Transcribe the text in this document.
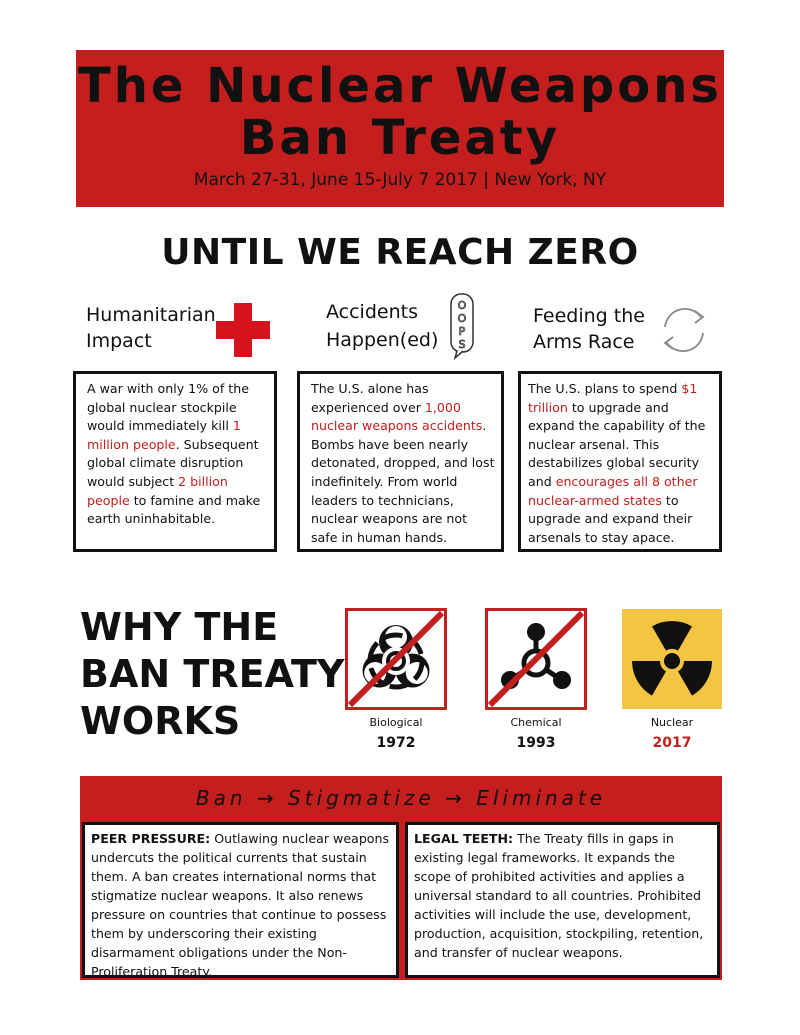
The Nuclear Weapons
Ban Treaty
March 27-31, June 15-July 7 2017 | New York, NY
UNTIL WE REACH ZERO
Humanitarian
Impact
Accidents
Happen(ed)
O
O
P
S
Feeding the
Arms Race
A war with only 1% of the global nuclear stockpile would immediately kill 1 million people. Subsequent global climate disruption would subject 2 billion people to famine and make earth uninhabitable.
The U.S. alone has experienced over 1,000 nuclear weapons accidents. Bombs have been nearly detonated, dropped, and lost indefinitely. From world leaders to technicians, nuclear weapons are not safe in human hands.
The U.S. plans to spend $1 trillion to upgrade and expand the capability of the nuclear arsenal. This destabilizes global security and encourages all 8 other nuclear-armed states to upgrade and expand their arsenals to stay apace.
WHY THE
BAN TREATY
WORKS	Biological
1972
Chemical
1993
Nuclear
2017
Ban → Stigmatize → Eliminate
PEER PRESSURE: Outlawing nuclear weapons undercuts the political currents that sustain them. A ban creates international norms that stigmatize nuclear weapons. It also renews pressure on countries that continue to possess them by underscoring their existing disarmament obligations under the Non-Proliferation Treaty.
LEGAL TEETH: The Treaty fills in gaps in existing legal frameworks. It expands the scope of prohibited activities and applies a universal standard to all countries. Prohibited activities will include the use, development, production, acquisition, stockpiling, retention, and transfer of nuclear weapons.
